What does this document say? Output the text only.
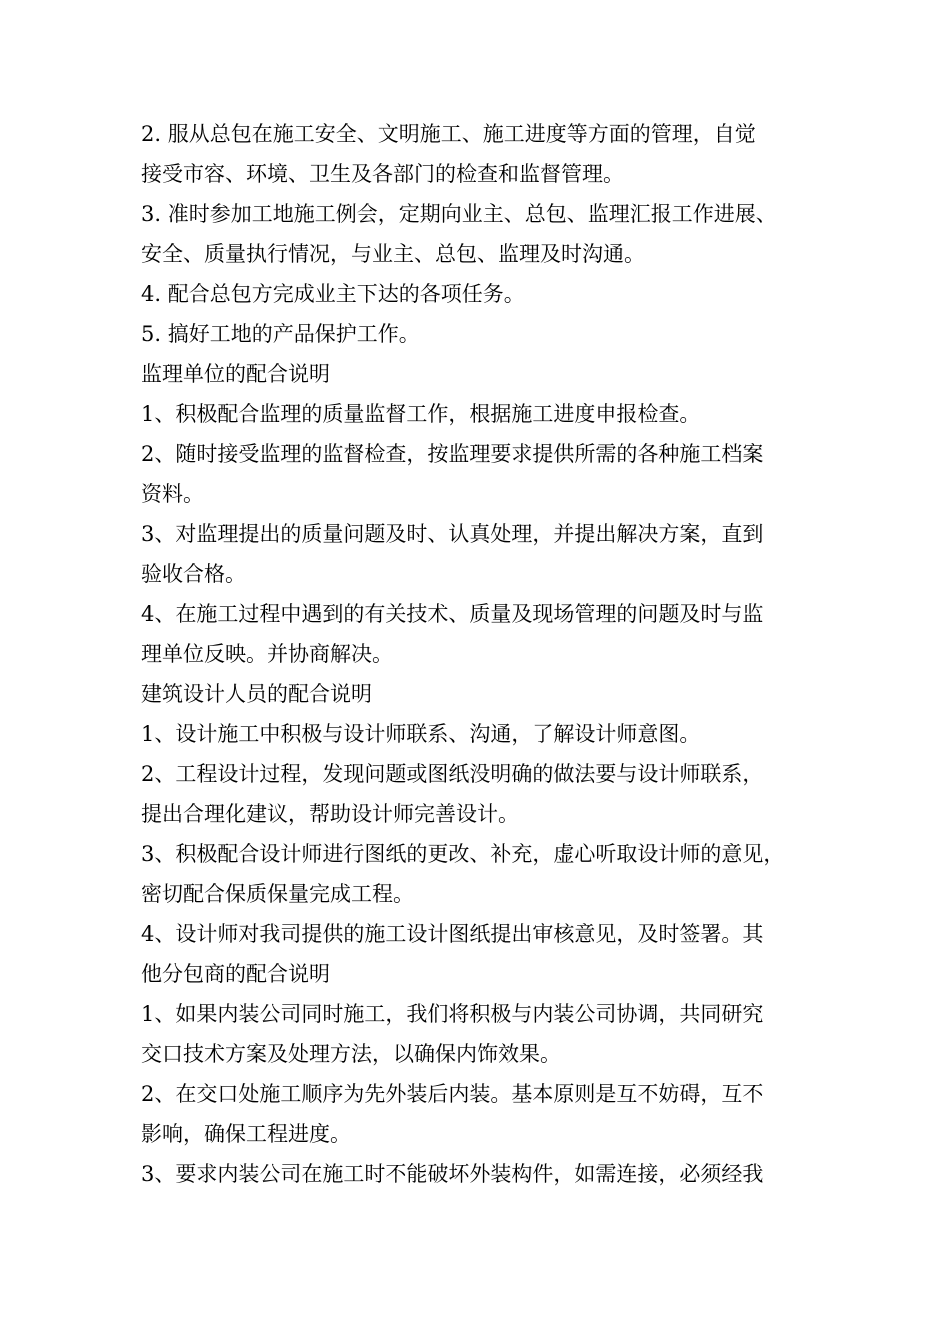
2. 服从总包在施工安全、文明施工、施工进度等方面的管理，自觉
接受市容、环境、卫生及各部门的检查和监督管理。
3. 准时参加工地施工例会，定期向业主、总包、监理汇报工作进展、
安全、质量执行情况，与业主、总包、监理及时沟通。
4. 配合总包方完成业主下达的各项任务。
5. 搞好工地的产品保护工作。
监理单位的配合说明
1、积极配合监理的质量监督工作，根据施工进度申报检查。
2、随时接受监理的监督检查，按监理要求提供所需的各种施工档案
资料。
3、对监理提出的质量问题及时、认真处理，并提出解决方案，直到
验收合格。
4、在施工过程中遇到的有关技术、质量及现场管理的问题及时与监
理单位反映。并协商解决。
建筑设计人员的配合说明
1、设计施工中积极与设计师联系、沟通，了解设计师意图。
2、工程设计过程，发现问题或图纸没明确的做法要与设计师联系，
提出合理化建议，帮助设计师完善设计。
3、积极配合设计师进行图纸的更改、补充，虚心听取设计师的意见，
密切配合保质保量完成工程。
4、设计师对我司提供的施工设计图纸提出审核意见，及时签署。其
他分包商的配合说明
1、如果内装公司同时施工，我们将积极与内装公司协调，共同研究
交口技术方案及处理方法，以确保内饰效果。
2、在交口处施工顺序为先外装后内装。基本原则是互不妨碍，互不
影响，确保工程进度。
3、要求内装公司在施工时不能破坏外装构件，如需连接，必须经我
